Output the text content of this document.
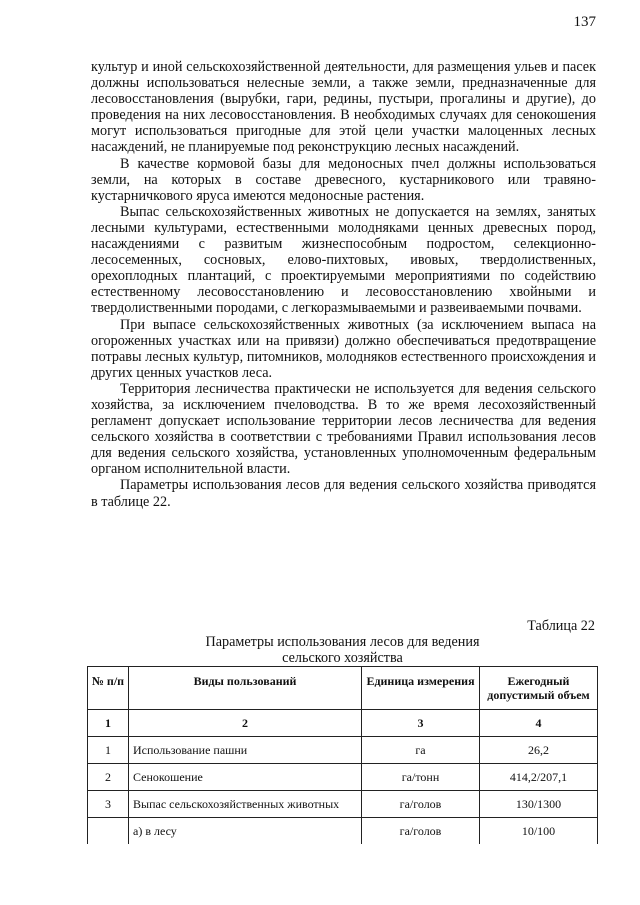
137

культур и иной сельскохозяйственной деятельности, для размещения ульев и пасек должны использоваться нелесные земли, а также земли, предназначенные для лесовосстановления (вырубки, гари, редины, пустыри, прогалины и другие), до проведения на них лесовосстановления. В необходимых случаях для сенокошения могут использоваться пригодные для этой цели участки малоценных лесных насаждений, не планируемые под реконструкцию лесных насаждений.

В качестве кормовой базы для медоносных пчел должны использоваться земли, на которых в составе древесного, кустарникового или травяно-кустарничкового яруса имеются медоносные растения.

Выпас сельскохозяйственных животных не допускается на землях, занятых лесными культурами, естественными молодняками ценных древесных пород, насаждениями с развитым жизнеспособным подростом, селекционно-лесосеменных, сосновых, елово-пихтовых, ивовых, твердолиственных, орехоплодных плантаций, с проектируемыми мероприятиями по содействию естественному лесовосстановлению и лесовосстановлению хвойными и твердолиственными породами, с легкоразмываемыми и развеиваемыми почвами.

При выпасе сельскохозяйственных животных (за исключением выпаса на огороженных участках или на привязи) должно обеспечиваться предотвращение потравы лесных культур, питомников, молодняков естественного происхождения и других ценных участков леса.

Территория лесничества практически не используется для ведения сельского хозяйства, за исключением пчеловодства. В то же время лесохозяйственный регламент допускает использование территории лесов лесничества для ведения сельского хозяйства в соответствии с требованиями Правил использования лесов для ведения сельского хозяйства, установленных уполномоченным федеральным органом исполнительной власти.

Параметры использования лесов для ведения сельского хозяйства приводятся в таблице 22.

Таблица 22
Параметры использования лесов для ведения сельского хозяйства
№ п/п	Виды пользований	Единица измерения	Ежегодный допустимый объем
1	2	3	4
1	Использование пашни	га	26,2
2	Сенокошение	га/тонн	414,2/207,1
3	Выпас сельскохозяйственных животных	га/голов	130/1300
	а) в лесу	га/голов	10/100
